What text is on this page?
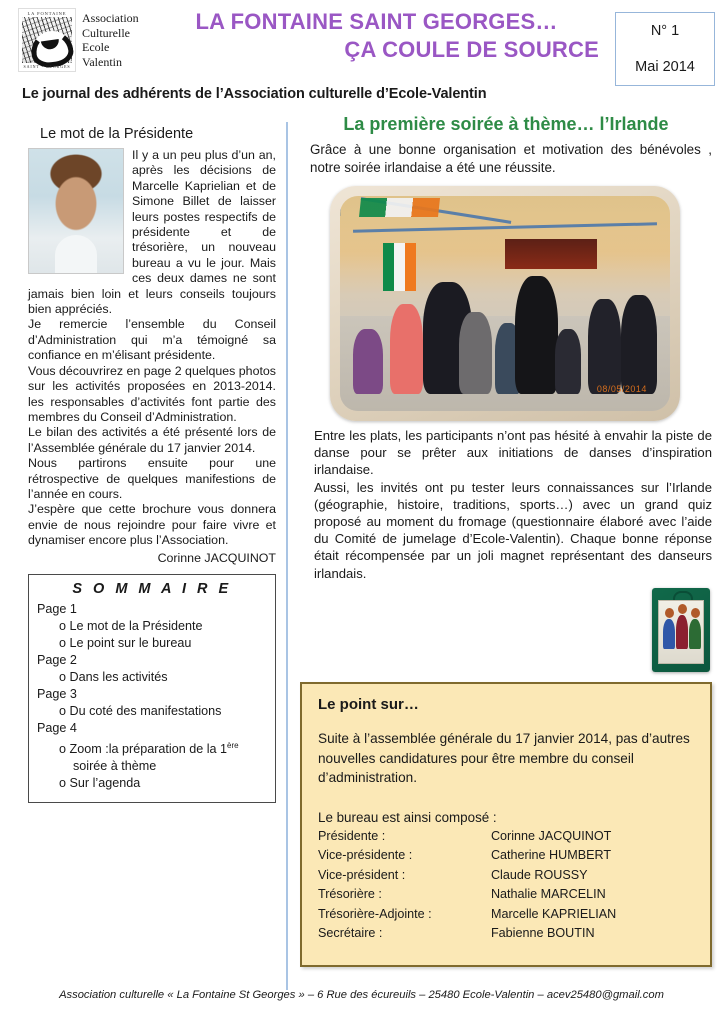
LA FONTAINE
SAINT - GEORGES
Association
Culturelle
Ecole
Valentin
LA FONTAINE SAINT GEORGES…
ÇA COULE DE SOURCE
N° 1
Mai 2014
Le journal des adhérents de l’Association culturelle d’Ecole-Valentin
Le mot de la Présidente

Il y a un peu plus d’un an, après les décisions de Marcelle Kaprielian et de Simone Billet de laisser leurs postes respectifs de présidente et de trésorière, un nouveau bureau a vu le jour. Mais ces deux dames ne sont jamais bien loin et leurs conseils toujours bien appréciés.

Je remercie l’ensemble du Conseil d’Administration qui m’a témoigné sa confiance en m’élisant présidente.

Vous découvrirez en page 2 quelques photos sur les activités proposées en 2013-2014. les responsables d’activités font partie des membres du Conseil d’Administration.

Le bilan des activités a été présenté lors de l’Assemblée générale du 17 janvier 2014.

Nous partirons ensuite pour une rétrospective de quelques manifestions de l’année en cours.

J’espère que cette brochure vous donnera envie de nous rejoindre pour faire vivre et dynamiser encore plus l’Association.

Corinne JACQUINOT
S O M M A I R E
Page 1
o Le mot de la Présidente
o Le point sur le bureau
Page 2
o Dans les activités
Page 3
o Du coté des manifestations
Page 4
o Zoom :la préparation de la 1ère soirée à thème
o Sur l’agenda
La première soirée à thème… l’Irlande
Grâce à une bonne organisation et motivation des bénévoles , notre soirée irlandaise a été une réussite.
08/05/2014

Entre les plats, les participants n’ont pas hésité à envahir la piste de danse pour se prêter aux initiations de danses d’inspiration irlandaise.

Aussi, les invités ont pu tester leurs connaissances sur l’Irlande (géographie, histoire, traditions, sports…) avec un grand quiz proposé au moment du fromage (questionnaire élaboré avec l’aide du Comité de jumelage d’Ecole-Valentin). Chaque bonne réponse était récompensée par un joli magnet représentant des danseurs irlandais.

Le point sur…
Suite à l’assemblée générale du 17 janvier 2014, pas d’autres nouvelles candidatures pour être membre du conseil d’administration.
Le bureau est ainsi composé :
Présidente :	Corinne JACQUINOT
Vice-présidente :	Catherine HUMBERT
Vice-président :	Claude ROUSSY
Trésorière :	Nathalie MARCELIN
Trésorière-Adjointe :	Marcelle KAPRIELIAN
Secrétaire :	Fabienne BOUTIN
Association culturelle « La Fontaine St Georges » – 6 Rue des écureuils – 25480 Ecole-Valentin – acev25480@gmail.com
